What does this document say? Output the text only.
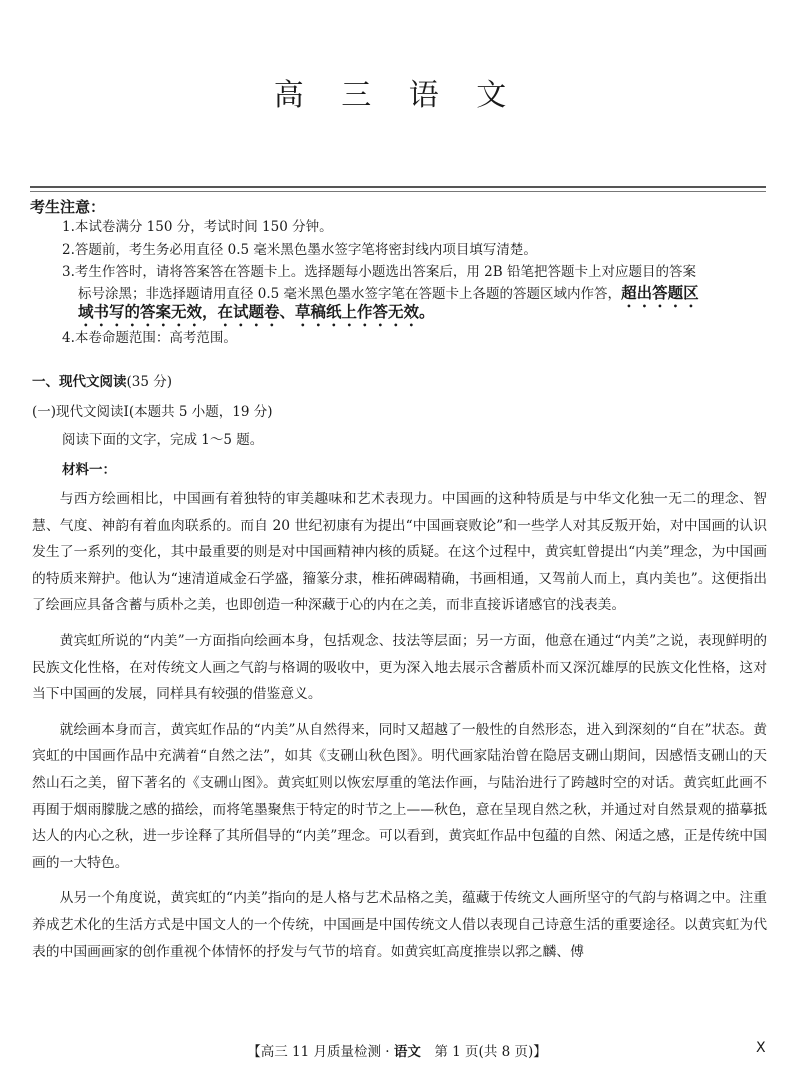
高 三 语 文
考生注意：
1.本试卷满分 150 分，考试时间 150 分钟。
2.答题前，考生务必用直径 0.5 毫米黑色墨水签字笔将密封线内项目填写清楚。
3.考生作答时，请将答案答在答题卡上。选择题每小题选出答案后，用 2B 铅笔把答题卡上对应题目的答案
标号涂黑；非选择题请用直径 0.5 毫米黑色墨水签字笔在答题卡上各题的答题区域内作答，超出答题区
域书写的答案无效，在试题卷、草稿纸上作答无效。
4.本卷命题范围：高考范围。
一、现代文阅读(35 分)
(一)现代文阅读Ⅰ(本题共 5 小题，19 分)
阅读下面的文字，完成 1～5 题。
材料一：

与西方绘画相比，中国画有着独特的审美趣味和艺术表现力。中国画的这种特质是与中华文化独一无二的理念、智慧、气度、神韵有着血肉联系的。而自 20 世纪初康有为提出“中国画衰败论”和一些学人对其反叛开始，对中国画的认识发生了一系列的变化，其中最重要的则是对中国画精神内核的质疑。在这个过程中，黄宾虹曾提出“内美”理念，为中国画的特质来辩护。他认为“速清道咸金石学盛，籀篆分隶，椎拓碑碣精确，书画相通，又驾前人而上，真内美也”。这便指出了绘画应具备含蓄与质朴之美，也即创造一种深藏于心的内在之美，而非直接诉诸感官的浅表美。

黄宾虹所说的“内美”一方面指向绘画本身，包括观念、技法等层面；另一方面，他意在通过“内美”之说，表现鲜明的民族文化性格，在对传统文人画之气韵与格调的吸收中，更为深入地去展示含蓄质朴而又深沉雄厚的民族文化性格，这对当下中国画的发展，同样具有较强的借鉴意义。

就绘画本身而言，黄宾虹作品的“内美”从自然得来，同时又超越了一般性的自然形态，进入到深刻的“自在”状态。黄宾虹的中国画作品中充满着“自然之法”，如其《支硎山秋色图》。明代画家陆治曾在隐居支硎山期间，因感悟支硎山的天然山石之美，留下著名的《支硎山图》。黄宾虹则以恢宏厚重的笔法作画，与陆治进行了跨越时空的对话。黄宾虹此画不再囿于烟雨朦胧之感的描绘，而将笔墨聚焦于特定的时节之上——秋色，意在呈现自然之秋，并通过对自然景观的描摹抵达人的内心之秋，进一步诠释了其所倡导的“内美”理念。可以看到，黄宾虹作品中包蕴的自然、闲适之感，正是传统中国画的一大特色。

从另一个角度说，黄宾虹的“内美”指向的是人格与艺术品格之美，蕴藏于传统文人画所坚守的气韵与格调之中。注重养成艺术化的生活方式是中国文人的一个传统，中国画是中国传统文人借以表现自己诗意生活的重要途径。以黄宾虹为代表的中国画画家的创作重视个体情怀的抒发与气节的培育。如黄宾虹高度推崇以郛之麟、傅

【高三 11 月质量检测 · 语文　第 1 页(共 8 页)】	X
